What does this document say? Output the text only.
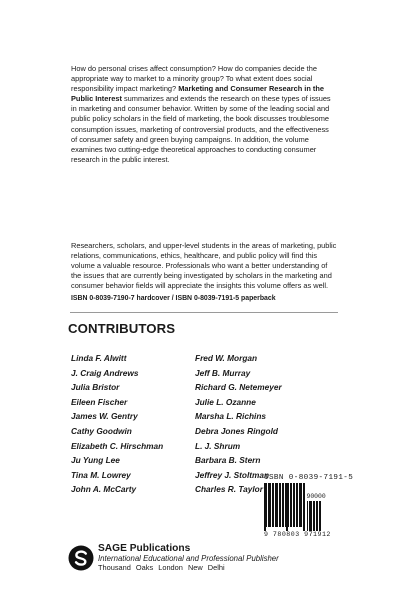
How do personal crises affect consumption? How do companies decide the appropriate way to market to a minority group? To what extent does social responsibility impact marketing? Marketing and Consumer Research in the Public Interest summarizes and extends the research on these types of issues in marketing and consumer behavior. Written by some of the leading social and public policy scholars in the field of marketing, the book discusses troublesome consumption issues, marketing of controversial products, and the effectiveness of consumer safety and green buying campaigns. In addition, the volume examines two cutting-edge theoretical approaches to conducting consumer research in the public interest.

Researchers, scholars, and upper-level students in the areas of marketing, public relations, communications, ethics, healthcare, and public policy will find this volume a valuable resource. Professionals who want a better understanding of the issues that are currently being investigated by scholars in the marketing and consumer behavior fields will appreciate the insights this volume offers as well.

ISBN 0-8039-7190-7 hardcover / ISBN 0-8039-7191-5 paperback

CONTRIBUTORS
Linda F. Alwitt
J. Craig Andrews
Julia Bristor
Eileen Fischer
James W. Gentry
Cathy Goodwin
Elizabeth C. Hirschman
Ju Yung Lee
Tina M. Lowrey
John A. McCarty
Fred W. Morgan
Jeff B. Murray
Richard G. Netemeyer
Julie L. Ozanne
Marsha L. Richins
Debra Jones Ringold
L. J. Shrum
Barbara B. Stern
Jeffrey J. Stoltman
Charles R. Taylor
ISBN 0-8039-7191-5
90000
9 780803 971912
SAGE Publications
International Educational and Professional Publisher
Thousand Oaks London New Delhi
